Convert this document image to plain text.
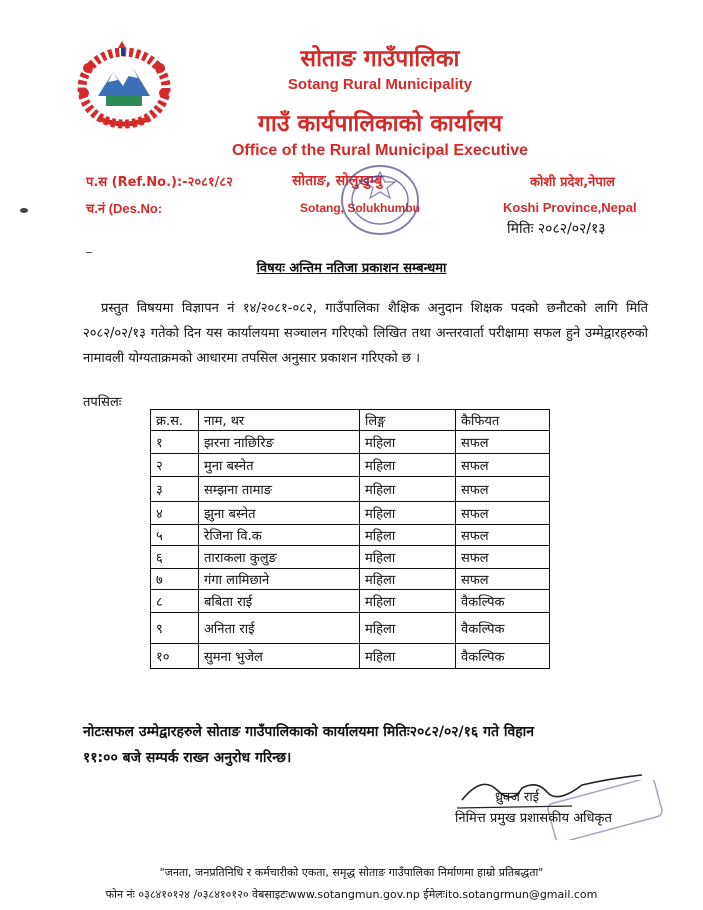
सोताङ गाउँपालिका
Sotang Rural Municipality
गाउँ कार्यपालिकाको कार्यालय
Office of the Rural Municipal Executive
प.स (Ref.No.):-२०८१/८२
च.नं (Des.No:
सोताङ, सोलुखुम्बु
Sotang, Solukhumbu
कोशी प्रदेश,नेपाल
Koshi Province,Nepal
मितिः २०८२/०२/१३
विषयः अन्तिम नतिजा प्रकाशन सम्बन्धमा
प्रस्तुत विषयमा विज्ञापन नं १४/२०८१-०८२, गाउँपालिका शैक्षिक अनुदान शिक्षक पदको छनौटको लागि मिति २०८२/०२/१३ गतेको दिन यस कार्यालयमा सञ्चालन गरिएको लिखित तथा अन्तरवार्ता परीक्षामा सफल हुने उम्मेद्वारहरुको नामावली योग्यताक्रमको आधारमा तपसिल अनुसार प्रकाशन गरिएको छ ।
तपसिलः
क्र.स.	नाम, थर	लिङ्ग	कैफियत
१	झरना नाछिरिङ	महिला	सफल
२	मुना बस्नेत	महिला	सफल
३	सम्झना तामाङ	महिला	सफल
४	झुना बस्नेत	महिला	सफल
५	रेजिना वि.क	महिला	सफल
६	ताराकला कुलुङ	महिला	सफल
७	गंगा लामिछाने	महिला	सफल
८	बबिता राई	महिला	वैकल्पिक
९	अनिता राई	महिला	वैकल्पिक
१०	सुमना भुजेल	महिला	वैकल्पिक
नोटःसफल उम्मेद्वारहरुले सोताङ गाउँपालिकाको कार्यालयमा मितिः२०८२/०२/१६ गते विहान
११:०० बजे सम्पर्क राख्न अनुरोध गरिन्छ।
ध्रुवज राई
निमित्त प्रमुख प्रशासकीय अधिकृत
"जनता, जनप्रतिनिधि र कर्मचारीको एकता, समृद्ध सोताङ गाउँपालिका निर्माणमा हाम्रो प्रतिबद्धता"
फोन नंः ०३८४१०१२४ /०३८४१०१२० वेबसाइटःwww.sotangmun.gov.np ईमेलःito.sotangrmun@gmail.com
